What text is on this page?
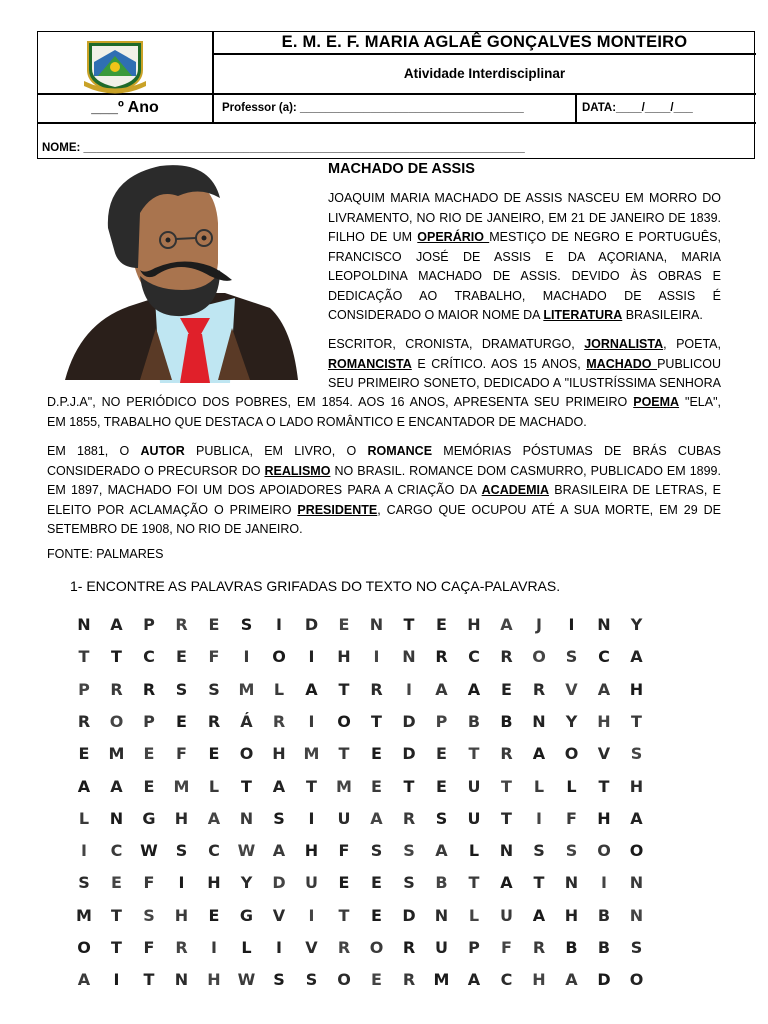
E. M. E. F. MARIA AGLAÊ GONÇALVES MONTEIRO
Atividade Interdisciplinar
___º Ano	Professor (a): ___________________________________	DATA:____/____/___
NOME: _____________________________________________________________________
MACHADO DE ASSIS
JOAQUIM MARIA MACHADO DE ASSIS NASCEU EM MORRO DO
LIVRAMENTO, NO RIO DE JANEIRO, EM 21 DE JANEIRO DE 1839.
FILHO DE UM OPERÁRIO MESTIÇO DE NEGRO E PORTUGUÊS,
FRANCISCO JOSÉ DE ASSIS E DA AÇORIANA, MARIA
LEOPOLDINA MACHADO DE ASSIS. DEVIDO ÀS OBRAS E
DEDICAÇÃO AO TRABALHO, MACHADO DE ASSIS É
CONSIDERADO O MAIOR NOME DA LITERATURA BRASILEIRA.
ESCRITOR, CRONISTA, DRAMATURGO, JORNALISTA, POETA,
ROMANCISTA E CRÍTICO. AOS 15 ANOS, MACHADO PUBLICOU
SEU PRIMEIRO SONETO, DEDICADO A "ILUSTRÍSSIMA SENHORA
D.P.J.A", NO PERIÓDICO DOS POBRES, EM 1854. AOS 16 ANOS, APRESENTA SEU PRIMEIRO POEMA "ELA",
EM 1855, TRABALHO QUE DESTACA O LADO ROMÂNTICO E ENCANTADOR DE MACHADO.
EM 1881, O AUTOR PUBLICA, EM LIVRO, O ROMANCE MEMÓRIAS PÓSTUMAS DE BRÁS CUBAS
CONSIDERADO O PRECURSOR DO REALISMO NO BRASIL. ROMANCE DOM CASMURRO, PUBLICADO EM 1899.
EM 1897, MACHADO FOI UM DOS APOIADORES PARA A CRIAÇÃO DA ACADEMIA BRASILEIRA DE LETRAS, E
ELEITO POR ACLAMAÇÃO O PRIMEIRO PRESIDENTE, CARGO QUE OCUPOU ATÉ A SUA MORTE, EM 29 DE
SETEMBRO DE 1908, NO RIO DE JANEIRO.
FONTE: PALMARES
1- ENCONTRE AS PALAVRAS GRIFADAS DO TEXTO NO CAÇA-PALAVRAS.
N	A	P	R	E	S	I	D	E	N	T	E	H	A	J	I	N	Y
T	T	C	E	F	I	O	I	H	I	N	R	C	R	O	S	C	A
P	R	R	S	S	M	L	A	T	R	I	A	A	E	R	V	A	H
R	O	P	E	R	Á	R	I	O	T	D	P	B	B	N	Y	H	T
E	M	E	F	E	O	H	M	T	E	D	E	T	R	A	O	V	S
A	A	E	M	L	T	A	T	M	E	T	E	U	T	L	L	T	H
L	N	G	H	A	N	S	I	U	A	R	S	U	T	I	F	H	A
I	C	W	S	C	W	A	H	F	S	S	A	L	N	S	S	O	O
S	E	F	I	H	Y	D	U	E	E	S	B	T	A	T	N	I	N
M	T	S	H	E	G	V	I	T	E	D	N	L	U	A	H	B	N
O	T	F	R	I	L	I	V	R	O	R	U	P	F	R	B	B	S
A	I	T	N	H	W	S	S	O	E	R	M	A	C	H	A	D	O
